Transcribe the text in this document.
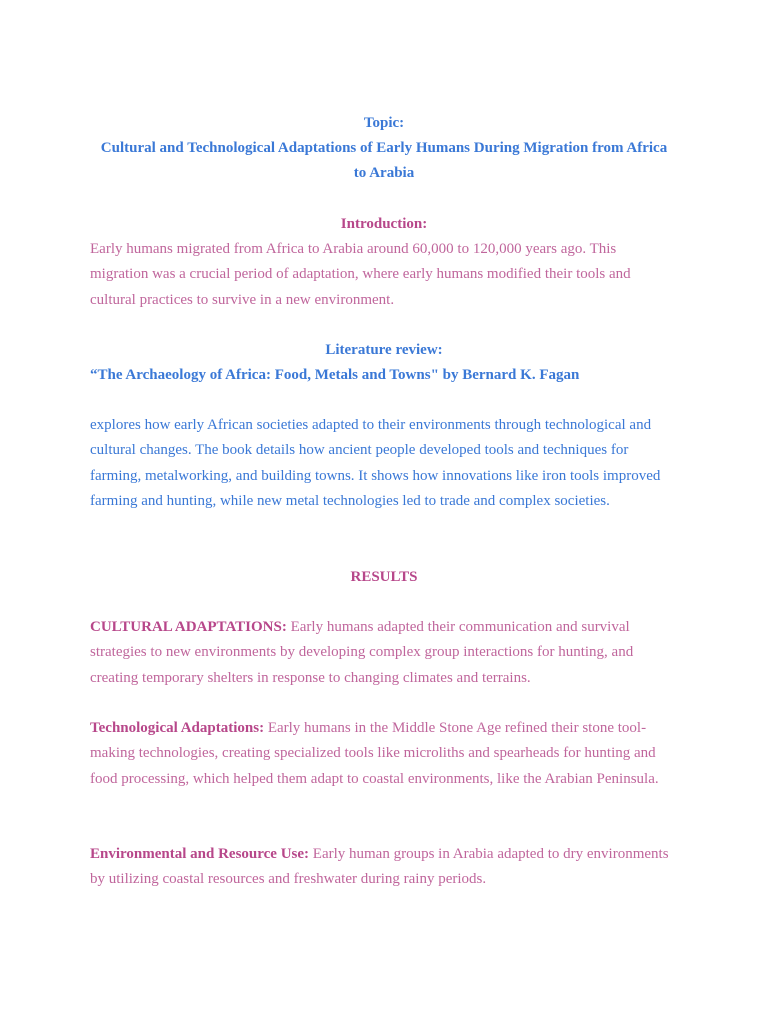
Topic:

Cultural and Technological Adaptations of Early Humans During Migration from Africa to Arabia

Introduction:

Early humans migrated from Africa to Arabia around 60,000 to 120,000 years ago. This migration was a crucial period of adaptation, where early humans modified their tools and cultural practices to survive in a new environment.

Literature review:

“The Archaeology of Africa: Food, Metals and Towns" by Bernard K. Fagan

explores how early African societies adapted to their environments through technological and cultural changes. The book details how ancient people developed tools and techniques for farming, metalworking, and building towns. It shows how innovations like iron tools improved farming and hunting, while new metal technologies led to trade and complex societies.

RESULTS

CULTURAL ADAPTATIONS: Early humans adapted their communication and survival strategies to new environments by developing complex group interactions for hunting, and creating temporary shelters in response to changing climates and terrains.

Technological Adaptations: Early humans in the Middle Stone Age refined their stone tool-making technologies, creating specialized tools like microliths and spearheads for hunting and food processing, which helped them adapt to coastal environments, like the Arabian Peninsula.

Environmental and Resource Use: Early human groups in Arabia adapted to dry environments by utilizing coastal resources and freshwater during rainy periods.
